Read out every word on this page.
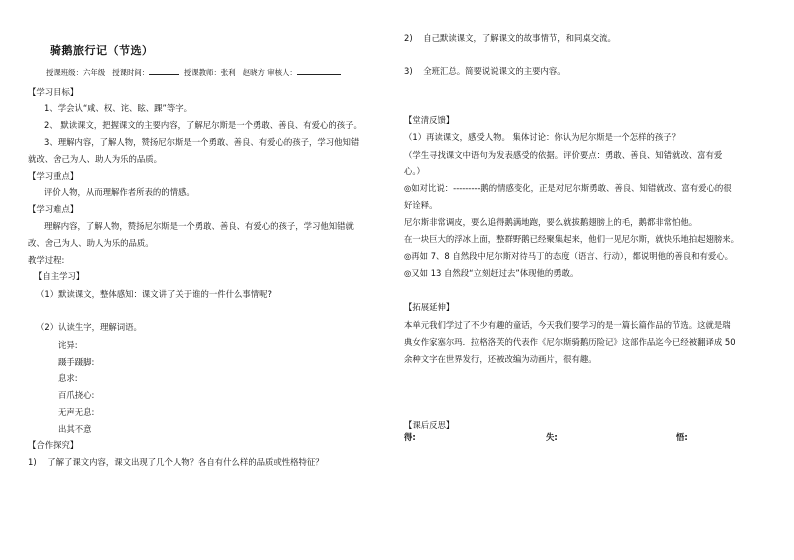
骑鹅旅行记（节选）
授课班级：六年级 授课时间：	授课教师：张利 赵晓方 审核人：
【学习目标】
1、学会认“咸、权、诧、眩、踝”等字。
2、 默读课文，把握课文的主要内容，了解尼尔斯是一个勇敢、善良、有爱心的孩子。
3、理解内容，了解人物，赞扬尼尔斯是一个勇敢、善良、有爱心的孩子，学习他知错
就改、舍己为人、助人为乐的品质。
【学习重点】
评价人物，从而理解作者所表的的情感。
【学习难点】
理解内容，了解人物，赞扬尼尔斯是一个勇敢、善良、有爱心的孩子，学习他知错就
改、舍己为人、助人为乐的品质。
教学过程:
【自主学习】
（1）默读课文，整体感知：课文讲了关于谁的一件什么事情呢?
（2）认读生字，理解词语。
诧异:
蹑手蹑脚:
息求:
百爪挠心:
无声无息:
出其不意
【合作探究】
1) 了解了课文内容，课文出现了几个人物？各自有什么样的品质或性格特征？
2) 自己默读课文，了解课文的故事情节，和同桌交流。
3) 全班汇总。简要说说课文的主要内容。
【堂清反馈】
（1）再读课文，感受人物。 集体讨论：你认为尼尔斯是一个怎样的孩子？
（学生寻找课文中语句为发表感受的依据。评价要点：勇敢、善良、知错就改、富有爱
心。）
◎如对比说：---------鹅的情感变化，正是对尼尔斯勇敢、善良、知错就改、富有爱心的很
好诠释。
尼尔斯非常调皮，要么追得鹅满地跑，要么就拔鹅翅膀上的毛，鹅都非常怕他。
在一块巨大的浮冰上面，整群野鹅已经聚集起来，他们一见尼尔斯，就快乐地拍起翅膀来。
◎再如 7、8 自然段中尼尔斯对待马丁的态度（语言、行动），都说明他的善良和有爱心。
◎又如 13 自然段“立刻赶过去”体现他的勇敢。
【拓展延伸】
本单元我们学过了不少有趣的童话，今天我们要学习的是一篇长篇作品的节选。这就是瑞
典女作家塞尔玛．拉格洛芙的代表作《尼尔斯骑鹅历险记》这部作品迄今已经被翻译成 50
余种文字在世界发行，还被改编为动画片，很有趣。
【课后反思】
得:	失:	悟:
